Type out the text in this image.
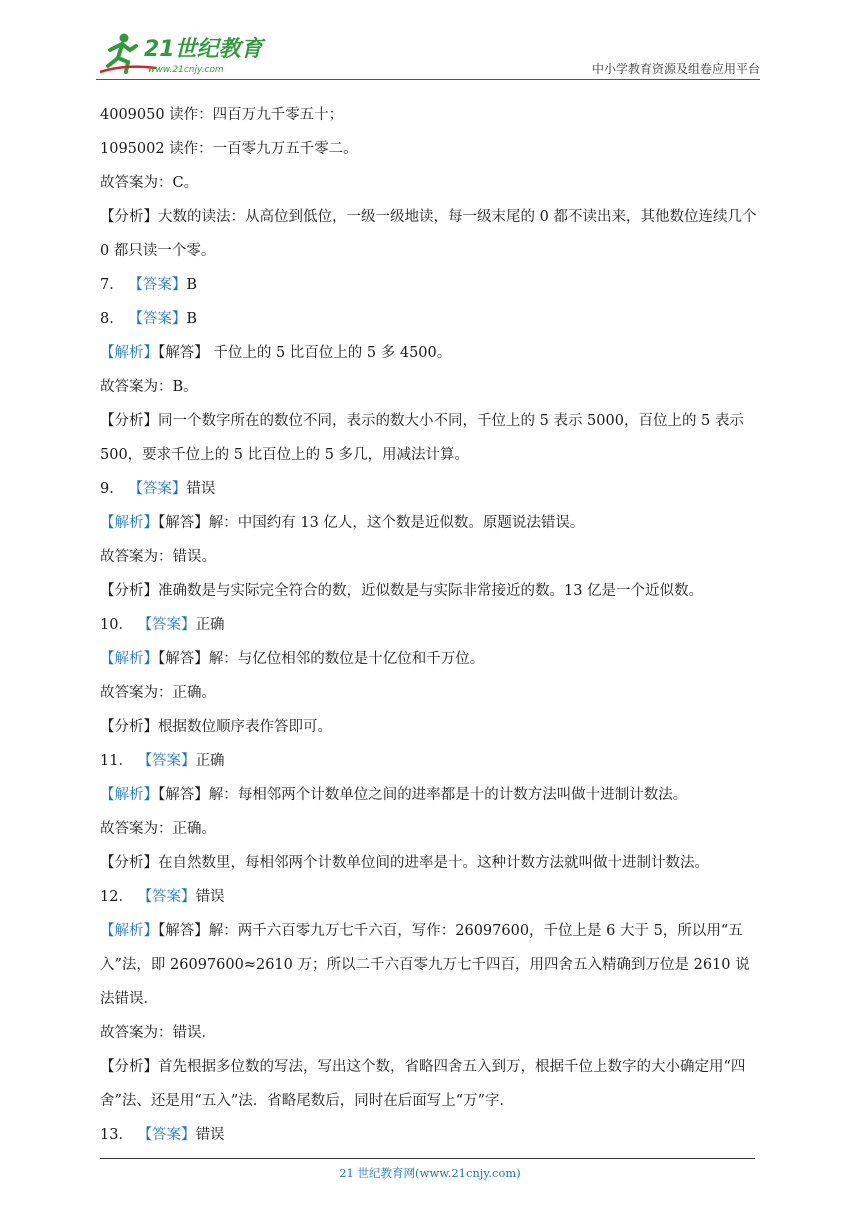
21世纪教育
www.21cnjy.com	中小学教育资源及组卷应用平台
4009050 读作：四百万九千零五十；
1095002 读作：一百零九万五千零二。
故答案为：C。
【分析】大数的读法：从高位到低位，一级一级地读，每一级末尾的 0 都不读出来，其他数位连续几个 0 都只读一个零。
7． 【答案】B
8． 【答案】B
【解析】【解答】 千位上的 5 比百位上的 5 多 4500。
故答案为：B。
【分析】同一个数字所在的数位不同，表示的数大小不同，千位上的 5 表示 5000，百位上的 5 表示 500，要求千位上的 5 比百位上的 5 多几，用减法计算。
9． 【答案】错误
【解析】【解答】解：中国约有 13 亿人，这个数是近似数。原题说法错误。
故答案为：错误。
【分析】准确数是与实际完全符合的数，近似数是与实际非常接近的数。13 亿是一个近似数。
10． 【答案】正确
【解析】【解答】解：与亿位相邻的数位是十亿位和千万位。
故答案为：正确。
【分析】根据数位顺序表作答即可。
11． 【答案】正确
【解析】【解答】解：每相邻两个计数单位之间的进率都是十的计数方法叫做十进制计数法。
故答案为：正确。
【分析】在自然数里，每相邻两个计数单位间的进率是十。这种计数方法就叫做十进制计数法。
12． 【答案】错误
【解析】【解答】解：两千六百零九万七千六百，写作：26097600，千位上是 6 大于 5，所以用“五入”法，即 26097600≈2610 万；所以二千六百零九万七千四百，用四舍五入精确到万位是 2610 说法错误．
故答案为：错误．
【分析】首先根据多位数的写法，写出这个数，省略四舍五入到万，根据千位上数字的大小确定用“四舍”法、还是用“五入”法．省略尾数后，同时在后面写上“万”字．
13． 【答案】错误
21 世纪教育网(www.21cnjy.com)
